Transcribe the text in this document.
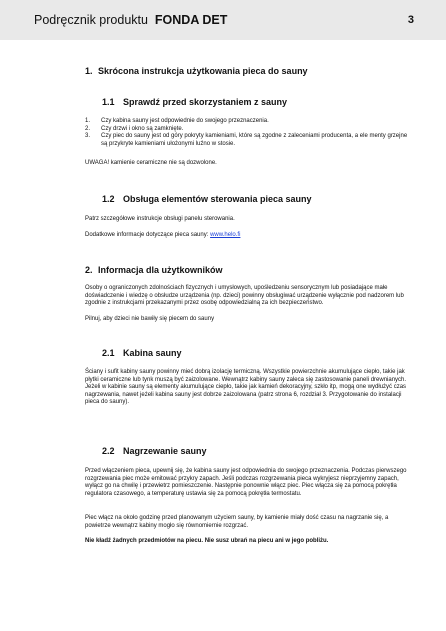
Podręcznik produktu FONDA DET	3
1. Skrócona instrukcja użytkowania pieca do sauny
1.1 Sprawdź przed skorzystaniem z sauny
1. Czy kabina sauny jest odpowiednie do swojego przeznaczenia.
2. Czy drzwi i okno są zamknięte.
3. Czy piec do sauny jest od góry pokryty kamieniami, które są zgodne z zaleceniami producenta, a ele menty grzejne są przykryte kamieniami ułożonymi luźno w stosie.
UWAGA! kamienie ceramiczne nie są dozwolone.
1.2 Obsługa elementów sterowania pieca sauny
Patrz szczegółowe instrukcje obsługi panelu sterowania.
Dodatkowe informacje dotyczące pieca sauny: www.helo.fi
2. Informacja dla użytkowników
Osoby o ograniczonych zdolnościach fizycznych i umysłowych, upośledzeniu sensorycznym lub posiadające małe doświadczenie i wiedzę o obsłudze urządzenia (np. dzieci) powinny obsługiwać urządzenie wyłącznie pod nadzorem lub zgodnie z instrukcjami przekazanymi przez osobę odpowiedzialną za ich bezpieczeństwo.
Pilnuj, aby dzieci nie bawiły się piecem do sauny
2.1 Kabina sauny
Ściany i sufit kabiny sauny powinny mieć dobrą izolację termiczną. Wszystkie powierzchnie akumulujące ciepło, takie jak płytki ceramiczne lub tynk muszą być zaizolowane. Wewnątrz kabiny sauny zaleca się zastosowanie paneli drewnianych. Jeżeli w kabinie sauny są elementy akumulujące ciepło, takie jak kamień dekoracyjny, szkło itp, mogą one wydłużyć czas nagrzewania, nawet jeżeli kabina sauny jest dobrze zaizolowana (patrz strona 6, rozdział 3. Przygotowanie do instalacji pieca do sauny).
2.2 Nagrzewanie sauny
Przed włączeniem pieca, upewnij się, że kabina sauny jest odpowiednia do swojego przeznaczenia. Podczas pierwszego rozgrzewania piec może emitować przykry zapach. Jeśli podczas rozgrzewania pieca wykryjesz nieprzyjemny zapach, wyłącz go na chwilę i przewietrz pomieszczenie. Następnie ponownie włącz piec. Piec włącza się za pomocą pokrętła regulatora czasowego, a temperaturę ustawia się za pomocą pokrętła termostatu.
Piec włącz na około godzinę przed planowanym użyciem sauny, by kamienie miały dość czasu na nagrzanie się, a powietrze wewnątrz kabiny mogło się równomiernie rozgrzać.
Nie kładź żadnych przedmiotów na piecu. Nie susz ubrań na piecu ani w jego pobliżu.
